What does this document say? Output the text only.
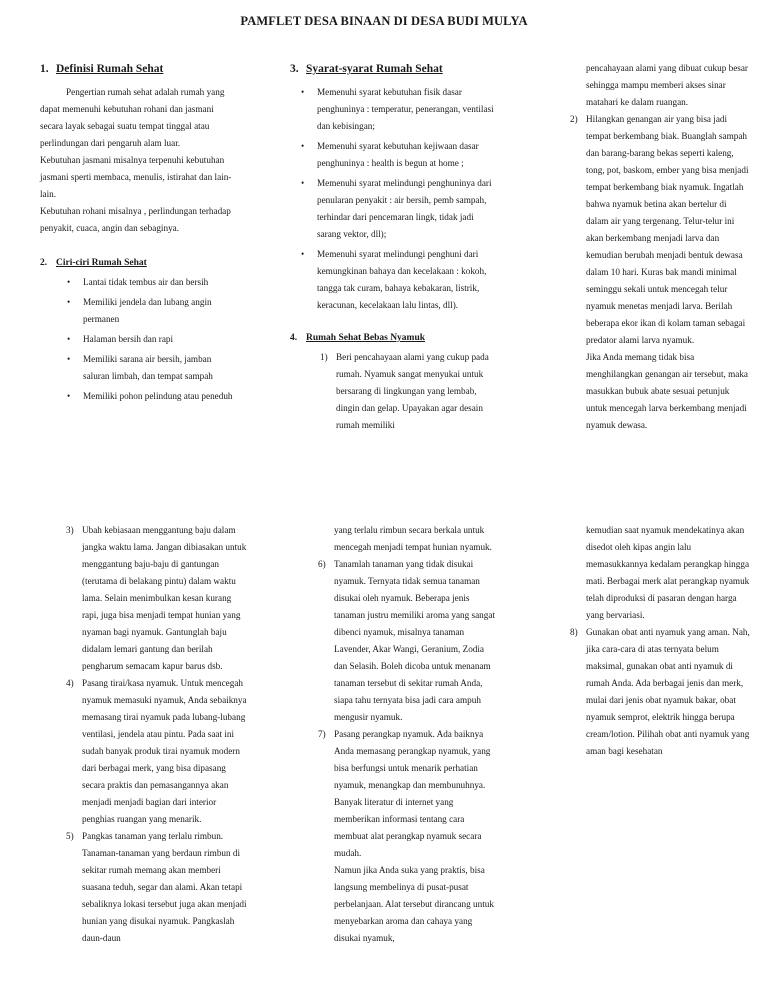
PAMFLET DESA BINAAN DI DESA BUDI MULYA
1. Definisi Rumah Sehat

Pengertian rumah sehat adalah rumah yang dapat memenuhi kebutuhan rohani dan jasmani secara layak sebagai suatu tempat tinggal atau perlindungan dari pengaruh alam luar.

Kebutuhan jasmani misalnya terpenuhi kebutuhan jasmani sperti membaca, menulis, istirahat dan lain-lain.

Kebutuhan rohani misalnya , perlindungan terhadap penyakit, cuaca, angin dan sebaginya.

2. Ciri-ciri Rumah Sehat
• Lantai tidak tembus air dan bersih
• Memiliki jendela dan lubang angin permanen
• Halaman bersih dan rapi
• Memiliki sarana air bersih, jamban saluran limbah, dan tempat sampah
• Memiliki pohon pelindung atau peneduh
3. Syarat-syarat Rumah Sehat
• Memenuhi syarat kebutuhan fisik dasar penghuninya : temperatur, penerangan, ventilasi dan kebisingan;
• Memenuhi syarat kebutuhan kejiwaan dasar penghuninya : health is begun at home ;
• Memenuhi syarat melindungi penghuninya dari penularan penyakit : air bersih, pemb sampah, terhindar dari pencemaran lingk, tidak jadi sarang vektor, dll);
• Memenuhi syarat melindungi penghuni dari kemungkinan bahaya dan kecelakaan : kokoh, tangga tak curam, bahaya kebakaran, listrik, keracunan, kecelakaan lalu lintas, dll).
4. Rumah Sehat Bebas Nyamuk
1) Beri pencahayaan alami yang cukup pada rumah. Nyamuk sangat menyukai untuk bersarang di lingkungan yang lembab, dingin dan gelap. Upayakan agar desain rumah memiliki

pencahayaan alami yang dibuat cukup besar sehingga mampu memberi akses sinar matahari ke dalam ruangan.

2) Hilangkan genangan air yang bisa jadi tempat berkembang biak. Buanglah sampah dan barang-barang bekas seperti kaleng, tong, pot, baskom, ember yang bisa menjadi tempat berkembang biak nyamuk. Ingatlah bahwa nyamuk betina akan bertelur di dalam air yang tergenang. Telur-telur ini akan berkembang menjadi larva dan kemudian berubah menjadi bentuk dewasa dalam 10 hari. Kuras bak mandi minimal seminggu sekali untuk mencegah telur nyamuk menetas menjadi larva. Berilah beberapa ekor ikan di kolam taman sebagai predator alami larva nyamuk.

Jika Anda memang tidak bisa menghilangkan genangan air tersebut, maka masukkan bubuk abate sesuai petunjuk untuk mencegah larva berkembang menjadi nyamuk dewasa.

3) Ubah kebiasaan menggantung baju dalam jangka waktu lama. Jangan dibiasakan untuk menggantung baju-baju di gantungan (terutama di belakang pintu) dalam waktu lama. Selain menimbulkan kesan kurang rapi, juga bisa menjadi tempat hunian yang nyaman bagi nyamuk. Gantunglah baju didalam lemari gantung dan berilah pengharum semacam kapur barus dsb.
4) Pasang tirai/kasa nyamuk. Untuk mencegah nyamuk memasuki nyamuk, Anda sebaiknya memasang tirai nyamuk pada lubang-lubang ventilasi, jendela atau pintu. Pada saat ini sudah banyak produk tirai nyamuk modern dari berbagai merk, yang bisa dipasang secara praktis dan pemasangannya akan menjadi menjadi bagian dari interior penghias ruangan yang menarik.
5) Pangkas tanaman yang terlalu rimbun. Tanaman-tanaman yang berdaun rimbun di sekitar rumah memang akan memberi suasana teduh, segar dan alami. Akan tetapi sebaliknya lokasi tersebut juga akan menjadi hunian yang disukai nyamuk. Pangkaslah daun-daun

yang terlalu rimbun secara berkala untuk mencegah menjadi tempat hunian nyamuk.

6) Tanamlah tanaman yang tidak disukai nyamuk. Ternyata tidak semua tanaman disukai oleh nyamuk. Beberapa jenis tanaman justru memiliki aroma yang sangat dibenci nyamuk, misalnya tanaman Lavender, Akar Wangi, Geranium, Zodia dan Selasih. Boleh dicoba untuk menanam tanaman tersebut di sekitar rumah Anda, siapa tahu ternyata bisa jadi cara ampuh mengusir nyamuk.
7) Pasang perangkap nyamuk. Ada baiknya Anda memasang perangkap nyamuk, yang bisa berfungsi untuk menarik perhatian nyamuk, menangkap dan membunuhnya. Banyak literatur di internet yang memberikan informasi tentang cara membuat alat perangkap nyamuk secara mudah.

Namun jika Anda suka yang praktis, bisa langsung membelinya di pusat-pusat perbelanjaan. Alat tersebut dirancang untuk menyebarkan aroma dan cahaya yang disukai nyamuk,

kemudian saat nyamuk mendekatinya akan disedot oleh kipas angin lalu memasukkannya kedalam perangkap hingga mati. Berbagai merk alat perangkap nyamuk telah diproduksi di pasaran dengan harga yang bervariasi.

8) Gunakan obat anti nyamuk yang aman. Nah, jika cara-cara di atas ternyata belum maksimal, gunakan obat anti nyamuk di rumah Anda. Ada berbagai jenis dan merk, mulai dari jenis obat nyamuk bakar, obat nyamuk semprot, elektrik hingga berupa cream/lotion. Pilihah obat anti nyamuk yang aman bagi kesehatan
